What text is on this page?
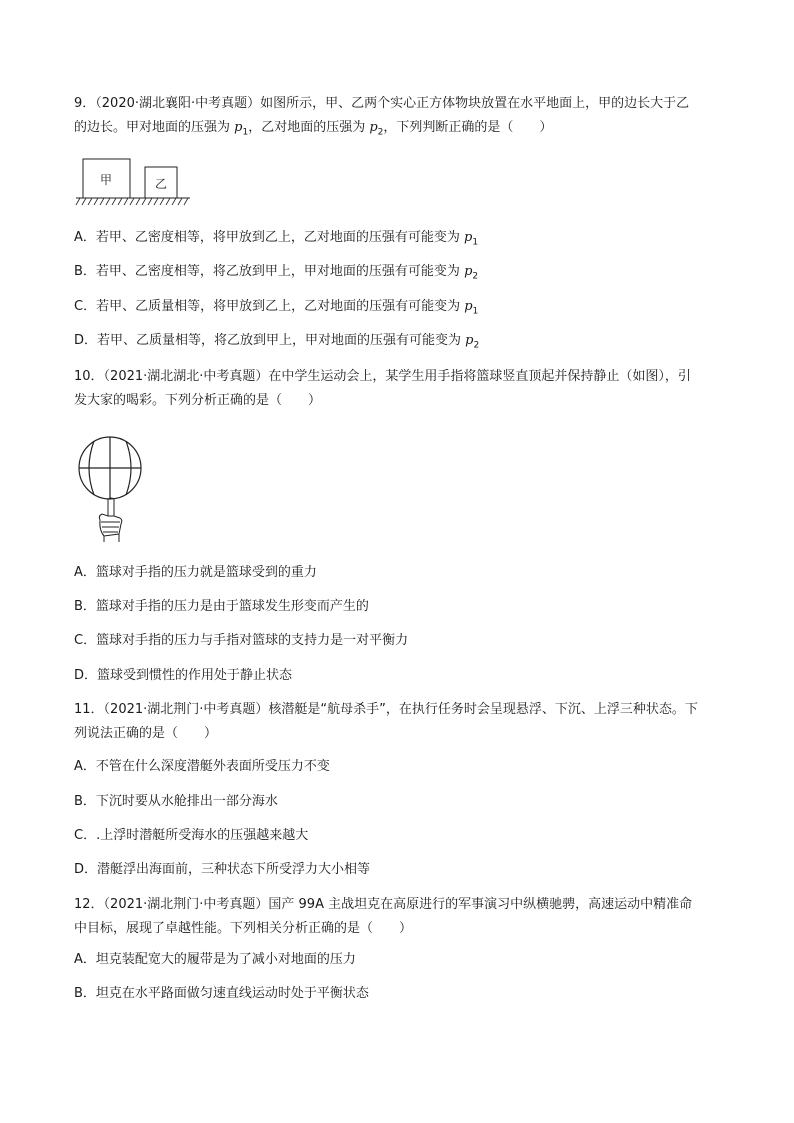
9．（2020·湖北襄阳·中考真题）如图所示，甲、乙两个实心正方体物块放置在水平地面上，甲的边长大于乙
的边长。甲对地面的压强为 $p_1$，乙对地面的压强为 $p_2$，下列判断正确的是（　　）
甲	乙
A．若甲、乙密度相等，将甲放到乙上，乙对地面的压强有可能变为 $p_1$
B．若甲、乙密度相等，将乙放到甲上，甲对地面的压强有可能变为 $p_2$
C．若甲、乙质量相等，将甲放到乙上，乙对地面的压强有可能变为 $p_1$
D．若甲、乙质量相等，将乙放到甲上，甲对地面的压强有可能变为 $p_2$
10．（2021·湖北湖北·中考真题）在中学生运动会上，某学生用手指将篮球竖直顶起并保持静止（如图），引
发大家的喝彩。下列分析正确的是（　　）
A．篮球对手指的压力就是篮球受到的重力
B．篮球对手指的压力是由于篮球发生形变而产生的
C．篮球对手指的压力与手指对篮球的支持力是一对平衡力
D．篮球受到惯性的作用处于静止状态
11．（2021·湖北荆门·中考真题）核潜艇是“航母杀手”，在执行任务时会呈现悬浮、下沉、上浮三种状态。下
列说法正确的是（　　）
A．不管在什么深度潜艇外表面所受压力不变
B．下沉时要从水舱排出一部分海水
C．.上浮时潜艇所受海水的压强越来越大
D．潜艇浮出海面前，三种状态下所受浮力大小相等
12．（2021·湖北荆门·中考真题）国产 99A 主战坦克在高原进行的军事演习中纵横驰骋，高速运动中精准命
中目标，展现了卓越性能。下列相关分析正确的是（　　）
A．坦克装配宽大的履带是为了减小对地面的压力
B．坦克在水平路面做匀速直线运动时处于平衡状态
